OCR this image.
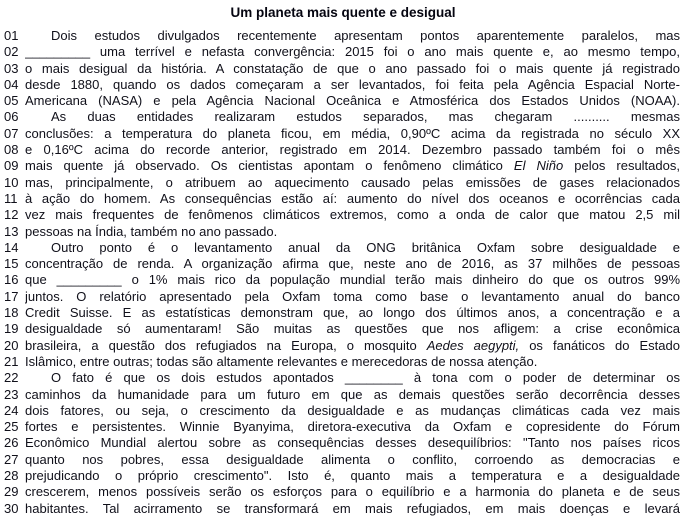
Um planeta mais quente e desigual
01	Dois estudos divulgados recentemente apresentam pontos aparentemente paralelos, mas
02 _________ uma terrível e nefasta convergência: 2015 foi o ano mais quente e, ao mesmo tempo,
03 o mais desigual da história. A constatação de que o ano passado foi o mais quente já registrado
04 desde 1880, quando os dados começaram a ser levantados, foi feita pela Agência Espacial Norte-
05 Americana (NASA) e pela Agência Nacional Oceânica e Atmosférica dos Estados Unidos (NOAA).
06	As duas entidades realizaram estudos separados, mas chegaram .......... mesmas
07 conclusões: a temperatura do planeta ficou, em média, 0,90ºC acima da registrada no século XX
08 e 0,16ºC acima do recorde anterior, registrado em 2014. Dezembro passado também foi o mês
09 mais quente já observado. Os cientistas apontam o fenômeno climático El Niño pelos resultados,
10 mas, principalmente, o atribuem ao aquecimento causado pelas emissões de gases relacionados
11 à ação do homem. As consequências estão aí: aumento do nível dos oceanos e ocorrências cada
12 vez mais frequentes de fenômenos climáticos extremos, como a onda de calor que matou 2,5 mil
13 pessoas na Índia, também no ano passado.
14	Outro ponto é o levantamento anual da ONG britânica Oxfam sobre desigualdade e
15 concentração de renda. A organização afirma que, neste ano de 2016, as 37 milhões de pessoas
16 que _________ o 1% mais rico da população mundial terão mais dinheiro do que os outros 99%
17 juntos. O relatório apresentado pela Oxfam toma como base o levantamento anual do banco
18 Credit Suisse. E as estatísticas demonstram que, ao longo dos últimos anos, a concentração e a
19 desigualdade só aumentaram! São muitas as questões que nos afligem: a crise econômica
20 brasileira, a questão dos refugiados na Europa, o mosquito Aedes aegypti, os fanáticos do Estado
21 Islâmico, entre outras; todas são altamente relevantes e merecedoras de nossa atenção.
22	O fato é que os dois estudos apontados ________ à tona com o poder de determinar os
23 caminhos da humanidade para um futuro em que as demais questões serão decorrência desses
24 dois fatores, ou seja, o crescimento da desigualdade e as mudanças climáticas cada vez mais
25 fortes e persistentes. Winnie Byanyima, diretora-executiva da Oxfam e copresidente do Fórum
26 Econômico Mundial alertou sobre as consequências desses desequilíbrios: "Tanto nos países ricos
27 quanto nos pobres, essa desigualdade alimenta o conflito, corroendo as democracias e
28 prejudicando o próprio crescimento". Isto é, quanto mais a temperatura e a desigualdade
29 crescerem, menos possíveis serão os esforços para o equilíbrio e a harmonia do planeta e de seus
30 habitantes. Tal acirramento se transformará em mais refugiados, em mais doenças e levará
